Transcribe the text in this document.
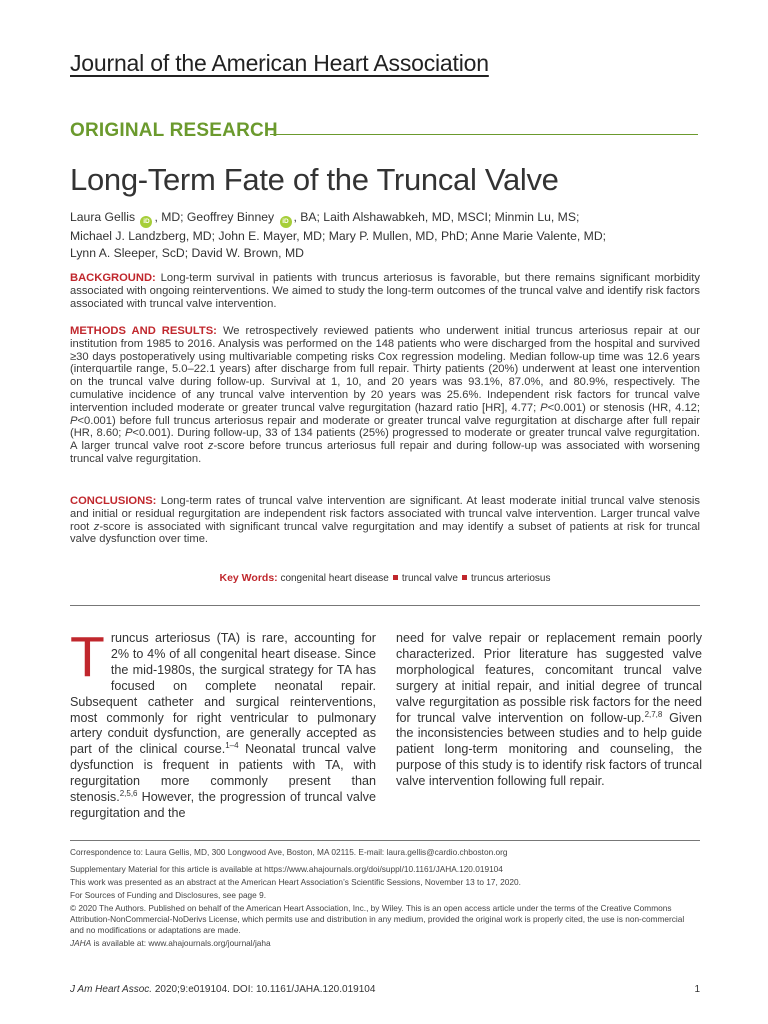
Journal of the American Heart Association
ORIGINAL RESEARCH
Long-Term Fate of the Truncal Valve
Laura Gellis iD , MD; Geoffrey Binney iD , BA; Laith Alshawabkeh, MD, MSCI; Minmin Lu, MS;
Michael J. Landzberg, MD; John E. Mayer, MD; Mary P. Mullen, MD, PhD; Anne Marie Valente, MD;
Lynn A. Sleeper, ScD; David W. Brown, MD

BACKGROUND: Long-term survival in patients with truncus arteriosus is favorable, but there remains significant morbidity associated with ongoing reinterventions. We aimed to study the long-term outcomes of the truncal valve and identify risk factors associated with truncal valve intervention.

METHODS AND RESULTS: We retrospectively reviewed patients who underwent initial truncus arteriosus repair at our institution from 1985 to 2016. Analysis was performed on the 148 patients who were discharged from the hospital and survived ≥30 days postoperatively using multivariable competing risks Cox regression modeling. Median follow-up time was 12.6 years (interquartile range, 5.0–22.1 years) after discharge from full repair. Thirty patients (20%) underwent at least one intervention on the truncal valve during follow-up. Survival at 1, 10, and 20 years was 93.1%, 87.0%, and 80.9%, respectively. The cumulative incidence of any truncal valve intervention by 20 years was 25.6%. Independent risk factors for truncal valve intervention included moderate or greater truncal valve regurgitation (hazard ratio [HR], 4.77; P<0.001) or stenosis (HR, 4.12; P<0.001) before full truncus arteriosus repair and moderate or greater truncal valve regurgitation at discharge after full repair (HR, 8.60; P<0.001). During follow-up, 33 of 134 patients (25%) progressed to moderate or greater truncal valve regurgitation. A larger truncal valve root z-score before truncus arteriosus full repair and during follow-up was associated with worsening truncal valve regurgitation.

CONCLUSIONS: Long-term rates of truncal valve intervention are significant. At least moderate initial truncal valve stenosis and initial or residual regurgitation are independent risk factors associated with truncal valve intervention. Larger truncal valve root z-score is associated with significant truncal valve regurgitation and may identify a subset of patients at risk for truncal valve dysfunction over time.

Key Words: congenital heart disease truncal valve truncus arteriosus

Truncus arteriosus (TA) is rare, accounting for 2% to 4% of all congenital heart disease. Since the mid-1980s, the surgical strategy for TA has focused on complete neonatal repair. Subsequent catheter and surgical reinterventions, most commonly for right ventricular to pulmonary artery conduit dysfunction, are generally accepted as part of the clinical course.$^{1-4}$ Neonatal truncal valve dysfunction is frequent in patients with TA, with regurgitation more commonly present than stenosis.$^{2,5,6}$ However, the progression of truncal valve regurgitation and the

need for valve repair or replacement remain poorly characterized. Prior literature has suggested valve morphological features, concomitant truncal valve surgery at initial repair, and initial degree of truncal valve regurgitation as possible risk factors for the need for truncal valve intervention on follow-up.$^{2,7,8}$ Given the inconsistencies between studies and to help guide patient long-term monitoring and counseling, the purpose of this study is to identify risk factors of truncal valve intervention following full repair.

Correspondence to: Laura Gellis, MD, 300 Longwood Ave, Boston, MA 02115. E-mail: laura.gellis@cardio.chboston.org

Supplementary Material for this article is available at https://www.ahajournals.org/doi/suppl/10.1161/JAHA.120.019104

This work was presented as an abstract at the American Heart Association’s Scientific Sessions, November 13 to 17, 2020.

For Sources of Funding and Disclosures, see page 9.

© 2020 The Authors. Published on behalf of the American Heart Association, Inc., by Wiley. This is an open access article under the terms of the Creative Commons Attribution-NonCommercial-NoDerivs License, which permits use and distribution in any medium, provided the original work is properly cited, the use is non-commercial and no modifications or adaptations are made.

JAHA is available at: www.ahajournals.org/journal/jaha

J Am Heart Assoc. 2020;9:e019104. DOI: 10.1161/JAHA.120.019104	1
